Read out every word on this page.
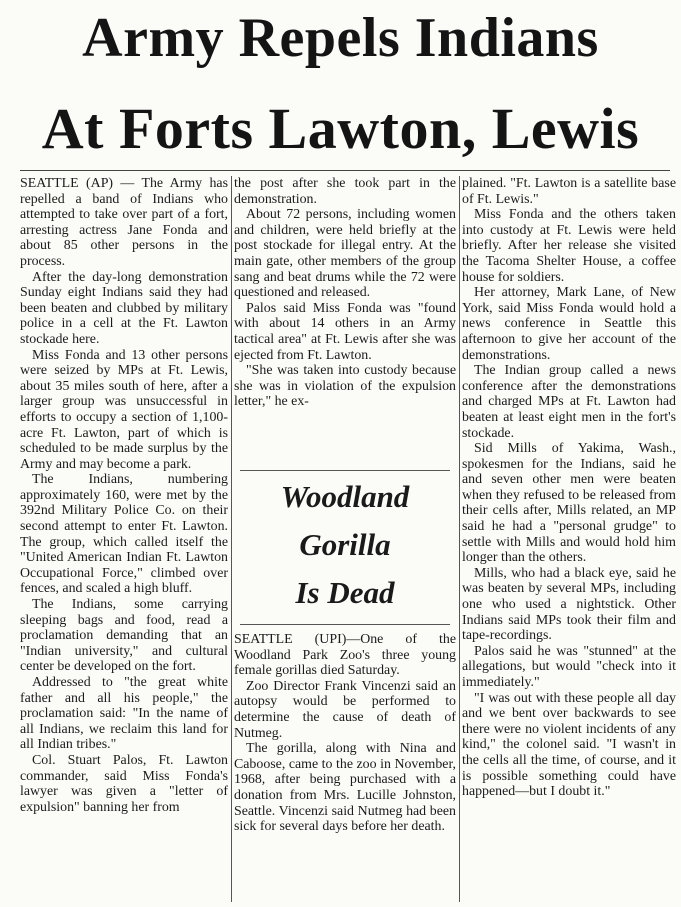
Army Repels Indians
At Forts Lawton, Lewis

SEATTLE (AP) — The Army has repelled a band of Indians who attempted to take over part of a fort, arresting actress Jane Fonda and about 85 other persons in the process.

After the day-long demonstration Sunday eight Indians said they had been beaten and clubbed by military police in a cell at the Ft. Lawton stockade here.

Miss Fonda and 13 other persons were seized by MPs at Ft. Lewis, about 35 miles south of here, after a larger group was unsuccessful in efforts to occupy a section of 1,100-acre Ft. Lawton, part of which is scheduled to be made surplus by the Army and may become a park.

The Indians, numbering approximately 160, were met by the 392nd Military Police Co. on their second attempt to enter Ft. Lawton. The group, which called itself the "United American Indian Ft. Lawton Occupational Force," climbed over fences, and scaled a high bluff.

The Indians, some carrying sleeping bags and food, read a proclamation demanding that an "Indian university," and cultural center be developed on the fort.

Addressed to "the great white father and all his people," the proclamation said: "In the name of all Indians, we reclaim this land for all Indian tribes."

Col. Stuart Palos, Ft. Lawton commander, said Miss Fonda's lawyer was given a "letter of expulsion" banning her from

the post after she took part in the demonstration.

About 72 persons, including women and children, were held briefly at the post stockade for illegal entry. At the main gate, other members of the group sang and beat drums while the 72 were questioned and released.

Palos said Miss Fonda was "found with about 14 others in an Army tactical area" at Ft. Lewis after she was ejected from Ft. Lawton.

"She was taken into custody because she was in violation of the expulsion letter," he ex-

Woodland
Gorilla
Is Dead

SEATTLE (UPI)—One of the Woodland Park Zoo's three young female gorillas died Saturday.

Zoo Director Frank Vincenzi said an autopsy would be performed to determine the cause of death of Nutmeg.

The gorilla, along with Nina and Caboose, came to the zoo in November, 1968, after being purchased with a donation from Mrs. Lucille Johnston, Seattle. Vincenzi said Nutmeg had been sick for several days before her death.

plained. "Ft. Lawton is a satellite base of Ft. Lewis."

Miss Fonda and the others taken into custody at Ft. Lewis were held briefly. After her release she visited the Tacoma Shelter House, a coffee house for soldiers.

Her attorney, Mark Lane, of New York, said Miss Fonda would hold a news conference in Seattle this afternoon to give her account of the demonstrations.

The Indian group called a news conference after the demonstrations and charged MPs at Ft. Lawton had beaten at least eight men in the fort's stockade.

Sid Mills of Yakima, Wash., spokesmen for the Indians, said he and seven other men were beaten when they refused to be released from their cells after, Mills related, an MP said he had a "personal grudge" to settle with Mills and would hold him longer than the others.

Mills, who had a black eye, said he was beaten by several MPs, including one who used a nightstick. Other Indians said MPs took their film and tape-recordings.

Palos said he was "stunned" at the allegations, but would "check into it immediately."

"I was out with these people all day and we bent over backwards to see there were no violent incidents of any kind," the colonel said. "I wasn't in the cells all the time, of course, and it is possible something could have happened—but I doubt it."
